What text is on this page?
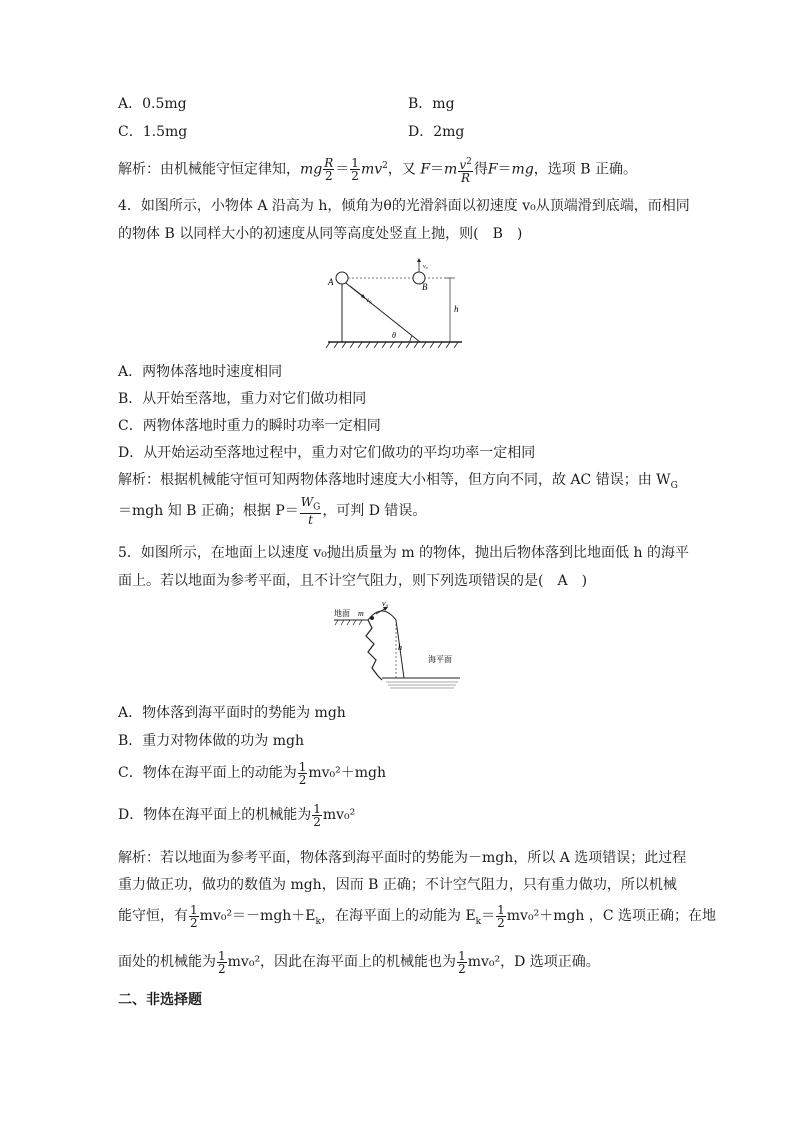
A．0.5mg	B．mg
C．1.5mg	D．2mg
解析：由机械能守恒定律知，mg $\frac{R}{2} = \frac{1}{2} mv^2$，又 $F=m \frac{v^2}{R}$ 得F＝mg，选项 B 正确。
4．如图所示，小物体 A 沿高为 h，倾角为θ的光滑斜面以初速度 v₀从顶端滑到底端，而相同
的物体 B 以同样大小的初速度从同等高度处竖直上抛，则(　B　)
A	B
v₀
v₀
h
θ
A．两物体落地时速度相同
B．从开始至落地，重力对它们做功相同
C．两物体落地时重力的瞬时功率一定相同
D．从开始运动至落地过程中，重力对它们做功的平均功率一定相同
解析：根据机械能守恒可知两物体落地时速度大小相等，但方向不同，故 AC 错误；由 $W_G$
＝mgh 知 B 正确；根据 $P= \frac{W_G}{t}$ ，可判 D 错误。
5．如图所示，在地面上以速度 v₀抛出质量为 m 的物体，抛出后物体落到比地面低 h 的海平
面上。若以地面为参考平面，且不计空气阻力，则下列选项错误的是(　A　)
地面 m
v₀
h
海平面
A．物体落到海平面时的势能为 mgh
B．重力对物体做的功为 mgh
C．物体在海平面上的动能为 $\frac{1}{2} mv_0^2+mgh$
D．物体在海平面上的机械能为 $\frac{1}{2} mv_0^2$
解析：若以地面为参考平面，物体落到海平面时的势能为－mgh，所以 A 选项错误；此过程
重力做正功，做功的数值为 mgh，因而 B 正确；不计空气阻力，只有重力做功，所以机械
能守恒，有 $\frac{1}{2} mv_0^2=-mgh+E_k$，在海平面上的动能为 $E_k= \frac{1}{2} mv_0^2+mgh$ ，C 选项正确；在地
面处的机械能为 $\frac{1}{2} mv_0^2$，因此在海平面上的机械能也为 $\frac{1}{2} mv_0^2$，D 选项正确。
二、非选择题
